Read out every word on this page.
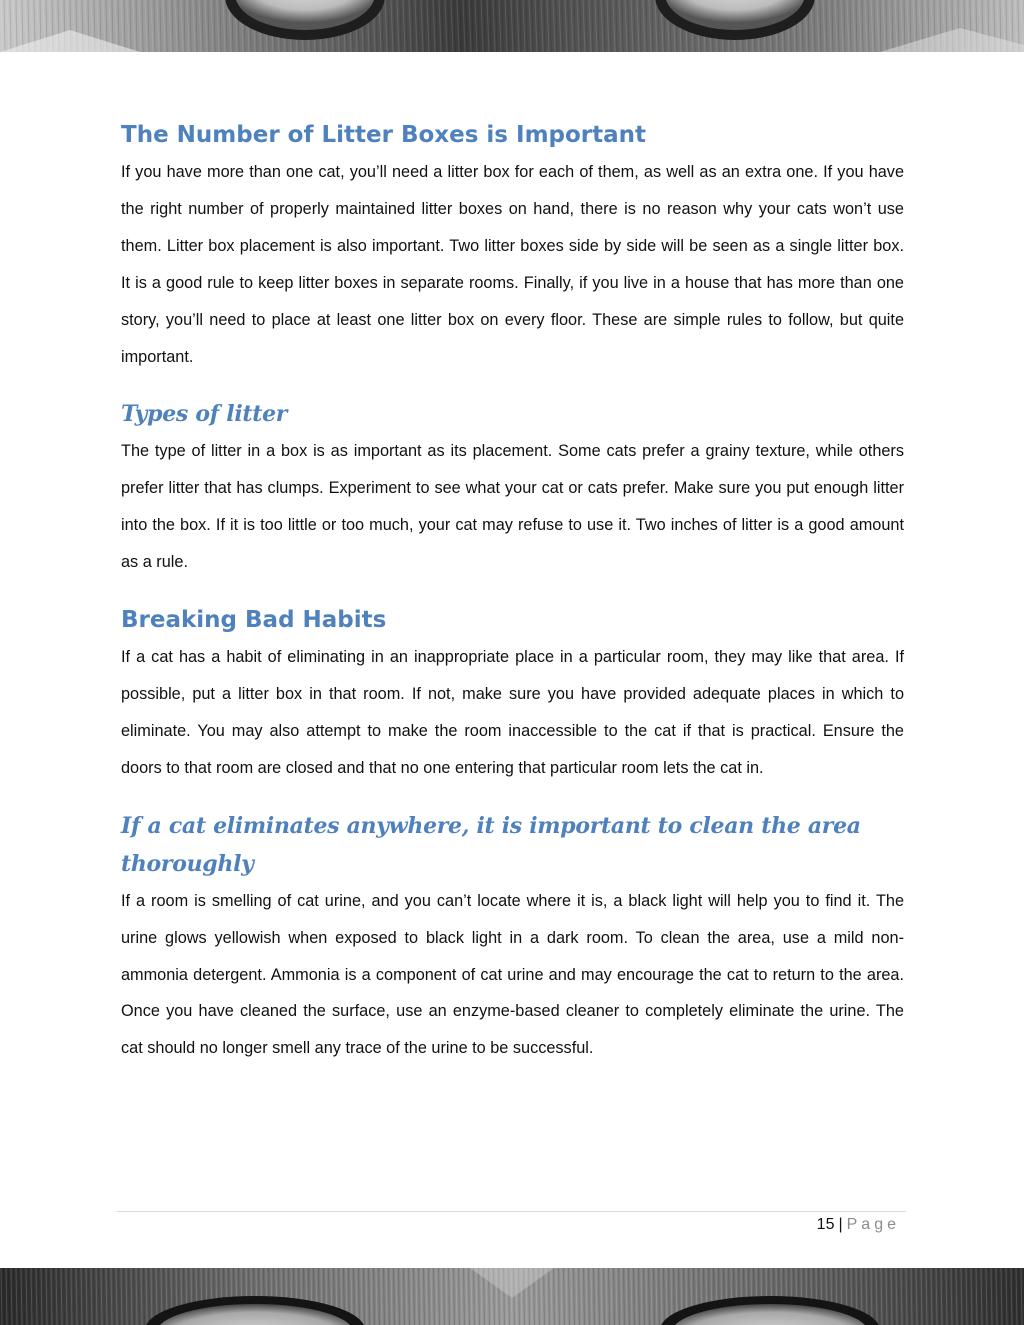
The Number of Litter Boxes is Important

If you have more than one cat, you’ll need a litter box for each of them, as well as an extra one. If you have the right number of properly maintained litter boxes on hand, there is no reason why your cats won’t use them. Litter box placement is also important. Two litter boxes side by side will be seen as a single litter box. It is a good rule to keep litter boxes in separate rooms. Finally, if you live in a house that has more than one story, you’ll need to place at least one litter box on every floor. These are simple rules to follow, but quite important.

Types of litter

The type of litter in a box is as important as its placement. Some cats prefer a grainy texture, while others prefer litter that has clumps. Experiment to see what your cat or cats prefer. Make sure you put enough litter into the box. If it is too little or too much, your cat may refuse to use it. Two inches of litter is a good amount as a rule.

Breaking Bad Habits

If a cat has a habit of eliminating in an inappropriate place in a particular room, they may like that area. If possible, put a litter box in that room. If not, make sure you have provided adequate places in which to eliminate. You may also attempt to make the room inaccessible to the cat if that is practical. Ensure the doors to that room are closed and that no one entering that particular room lets the cat in.

If a cat eliminates anywhere, it is important to clean the area thoroughly

If a room is smelling of cat urine, and you can’t locate where it is, a black light will help you to find it. The urine glows yellowish when exposed to black light in a dark room. To clean the area, use a mild non-ammonia detergent. Ammonia is a component of cat urine and may encourage the cat to return to the area. Once you have cleaned the surface, use an enzyme-based cleaner to completely eliminate the urine. The cat should no longer smell any trace of the urine to be successful.

15 | Page
